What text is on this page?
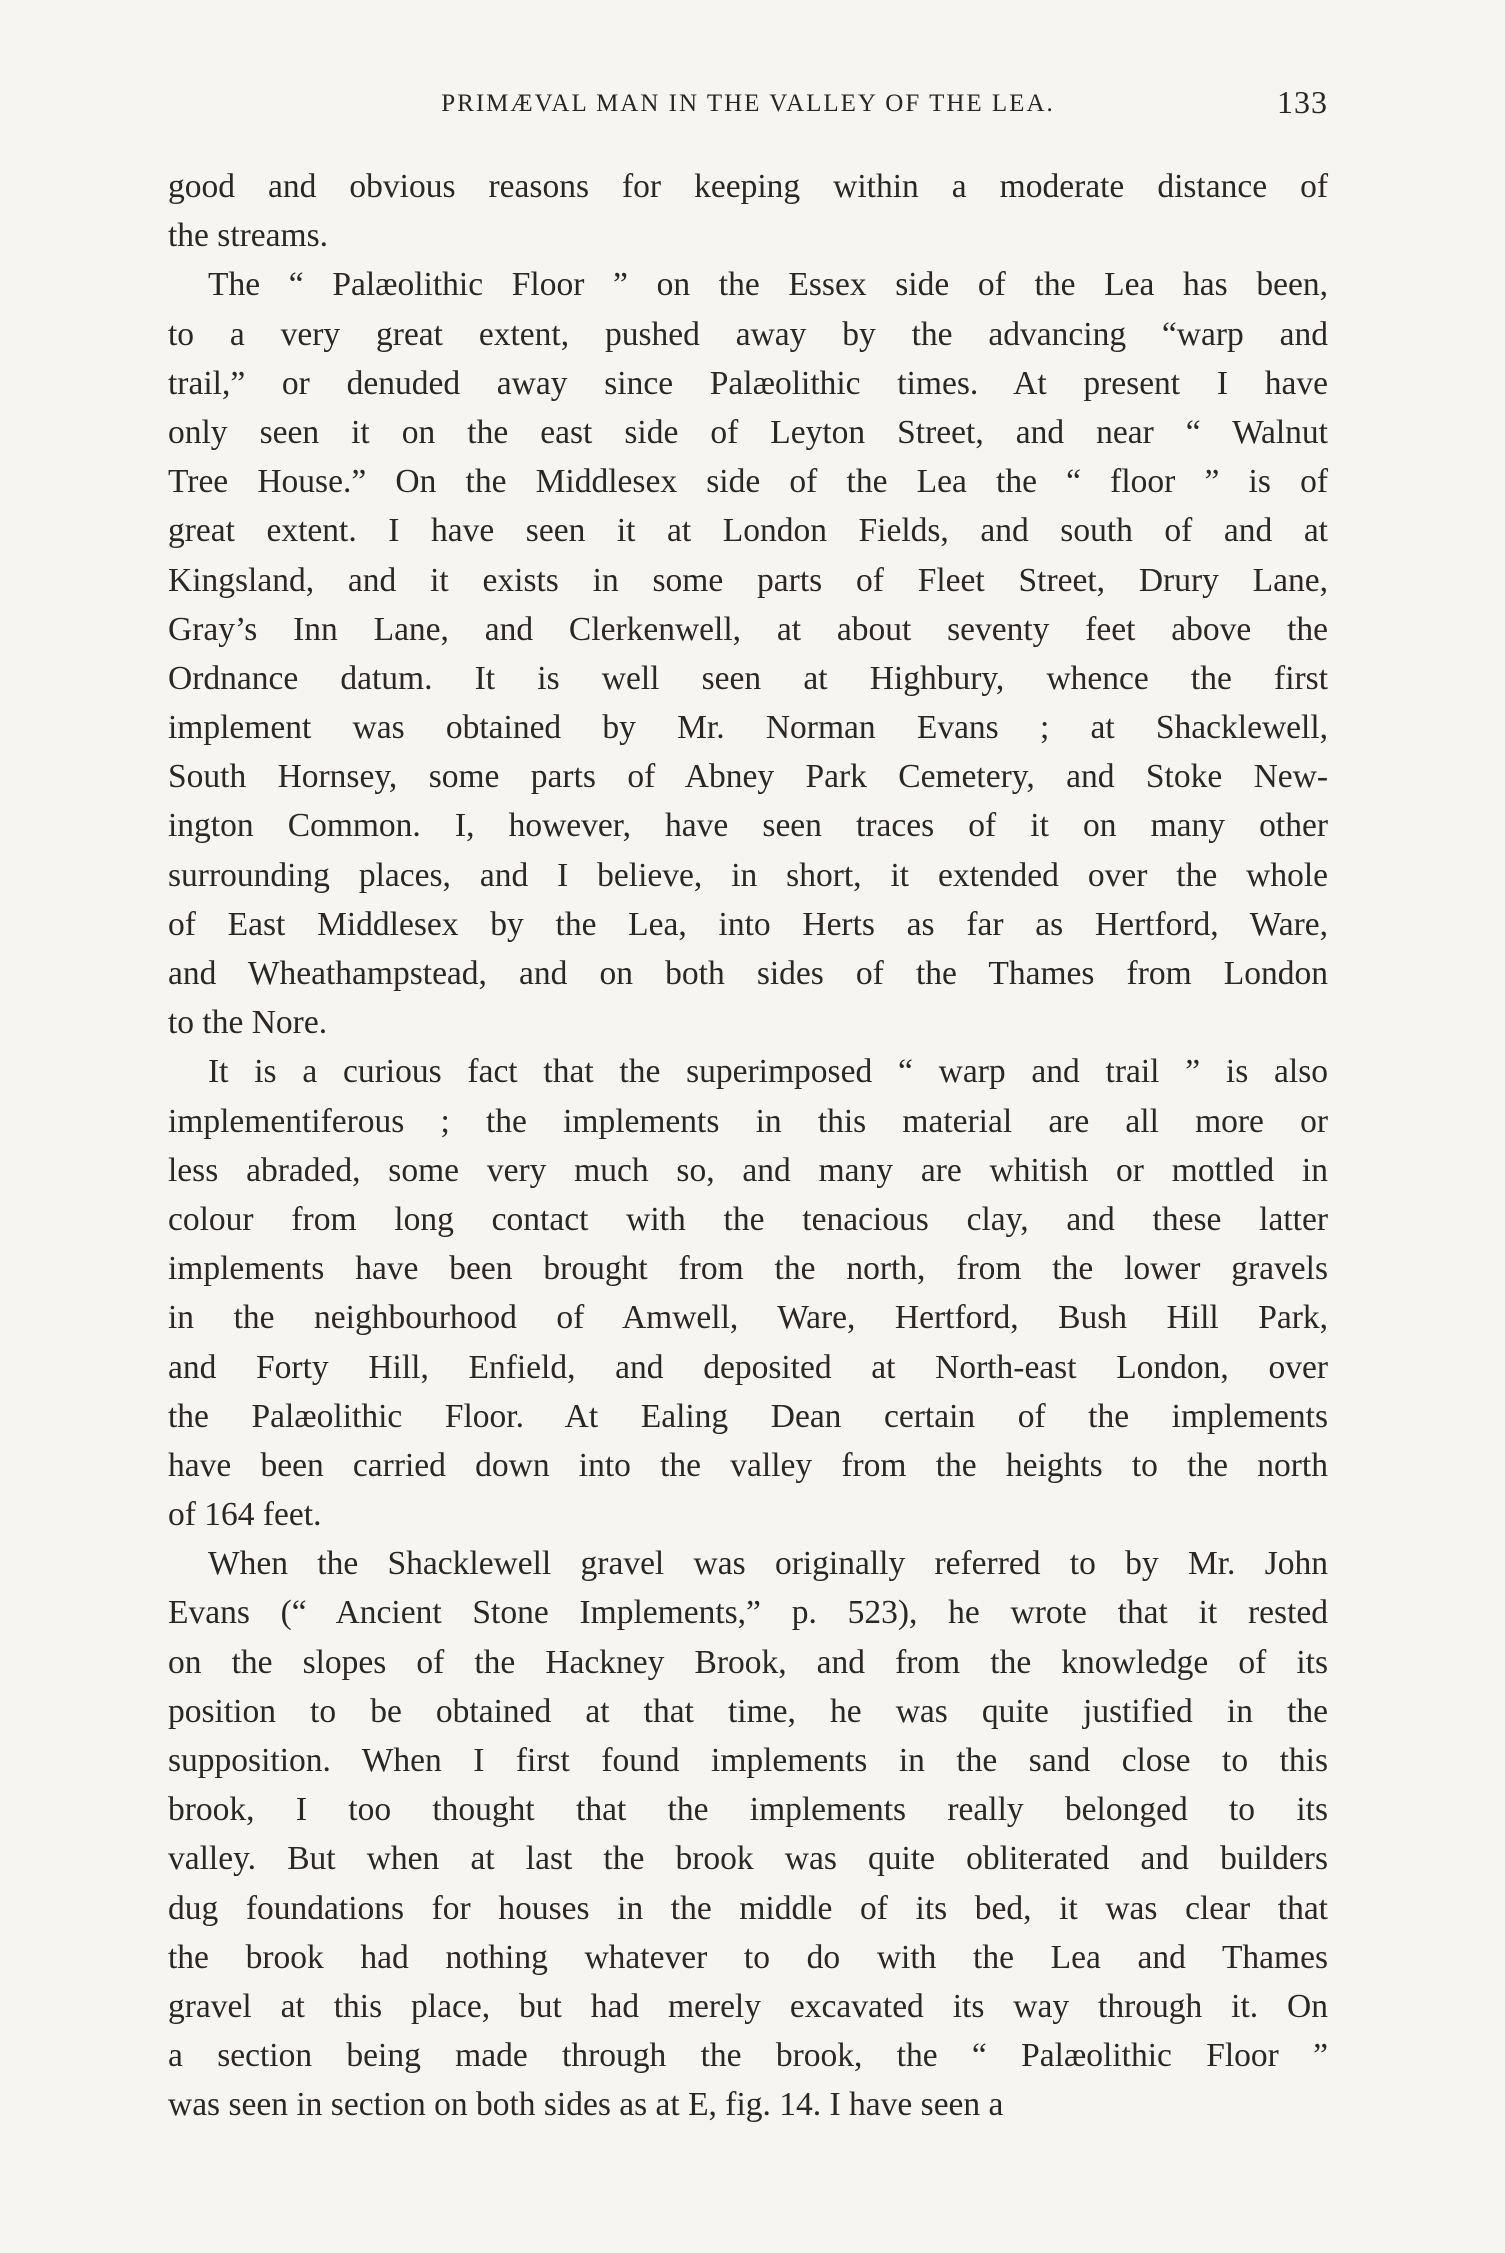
PRIMÆVAL MAN IN THE VALLEY OF THE LEA.	133
good and obvious reasons for keeping within a moderate distance of
the streams.
The “ Palæolithic Floor ” on the Essex side of the Lea has been,
to a very great extent, pushed away by the advancing “warp and
trail,” or denuded away since Palæolithic times. At present I have
only seen it on the east side of Leyton Street, and near “ Walnut
Tree House.” On the Middlesex side of the Lea the “ floor ” is of
great extent. I have seen it at London Fields, and south of and at
Kingsland, and it exists in some parts of Fleet Street, Drury Lane,
Gray’s Inn Lane, and Clerkenwell, at about seventy feet above the
Ordnance datum. It is well seen at Highbury, whence the first
implement was obtained by Mr. Norman Evans ; at Shacklewell,
South Hornsey, some parts of Abney Park Cemetery, and Stoke New-
ington Common. I, however, have seen traces of it on many other
surrounding places, and I believe, in short, it extended over the whole
of East Middlesex by the Lea, into Herts as far as Hertford, Ware,
and Wheathampstead, and on both sides of the Thames from London
to the Nore.
It is a curious fact that the superimposed “ warp and trail ” is also
implementiferous ; the implements in this material are all more or
less abraded, some very much so, and many are whitish or mottled in
colour from long contact with the tenacious clay, and these latter
implements have been brought from the north, from the lower gravels
in the neighbourhood of Amwell, Ware, Hertford, Bush Hill Park,
and Forty Hill, Enfield, and deposited at North-east London, over
the Palæolithic Floor. At Ealing Dean certain of the implements
have been carried down into the valley from the heights to the north
of 164 feet.
When the Shacklewell gravel was originally referred to by Mr. John
Evans (“ Ancient Stone Implements,” p. 523), he wrote that it rested
on the slopes of the Hackney Brook, and from the knowledge of its
position to be obtained at that time, he was quite justified in the
supposition. When I first found implements in the sand close to this
brook, I too thought that the implements really belonged to its
valley. But when at last the brook was quite obliterated and builders
dug foundations for houses in the middle of its bed, it was clear that
the brook had nothing whatever to do with the Lea and Thames
gravel at this place, but had merely excavated its way through it. On
a section being made through the brook, the “ Palæolithic Floor ”
was seen in section on both sides as at E, fig. 14. I have seen a
